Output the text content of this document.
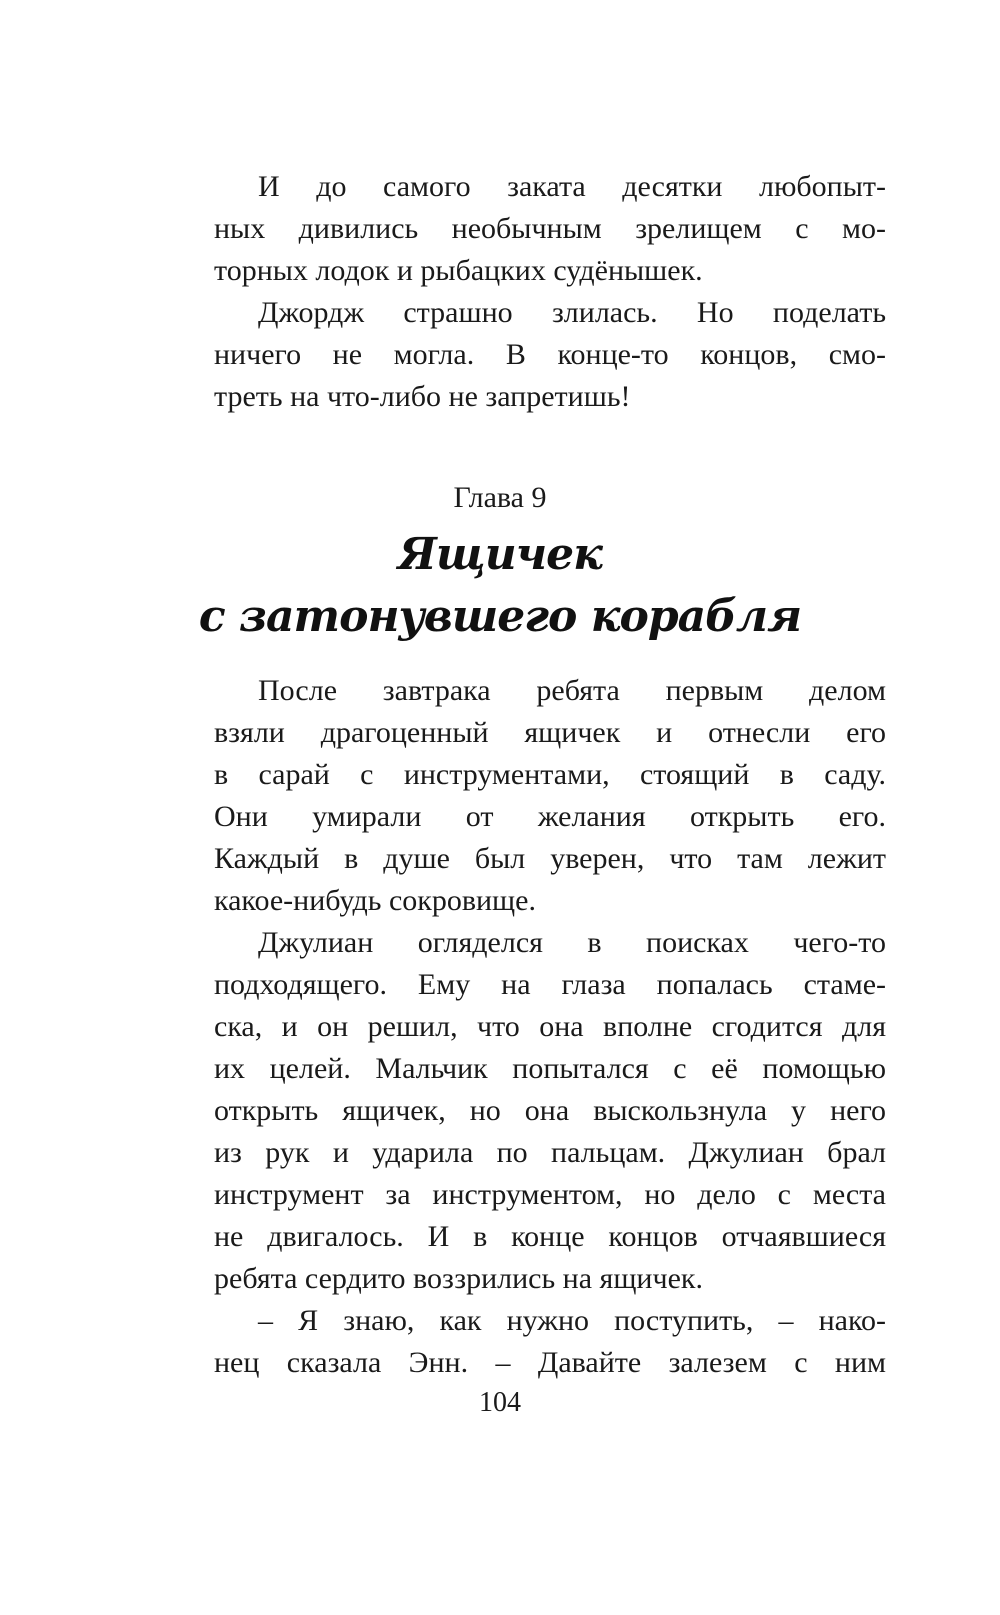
И до самого заката десятки любопыт-
ных дивились необычным зрелищем с мо-
торных лодок и рыбацких судёнышек.

Джордж страшно злилась. Но поделать
ничего не могла. В конце-то концов, смо-
треть на что-либо не запретишь!

Глава 9
Ящичек
с затонувшего корабля

После завтрака ребята первым делом
взяли драгоценный ящичек и отнесли его
в сарай с инструментами, стоящий в саду.
Они умирали от желания открыть его.
Каждый в душе был уверен, что там лежит
какое-нибудь сокровище.

Джулиан огляделся в поисках чего-то
подходящего. Ему на глаза попалась стаме-
ска, и он решил, что она вполне сгодится для
их целей. Мальчик попытался с её помощью
открыть ящичек, но она выскользнула у него
из рук и ударила по пальцам. Джулиан брал
инструмент за инструментом, но дело с места
не двигалось. И в конце концов отчаявшиеся
ребята сердито воззрились на ящичек.

– Я знаю, как нужно поступить, – нако-
нец сказала Энн. – Давайте залезем с ним

104
